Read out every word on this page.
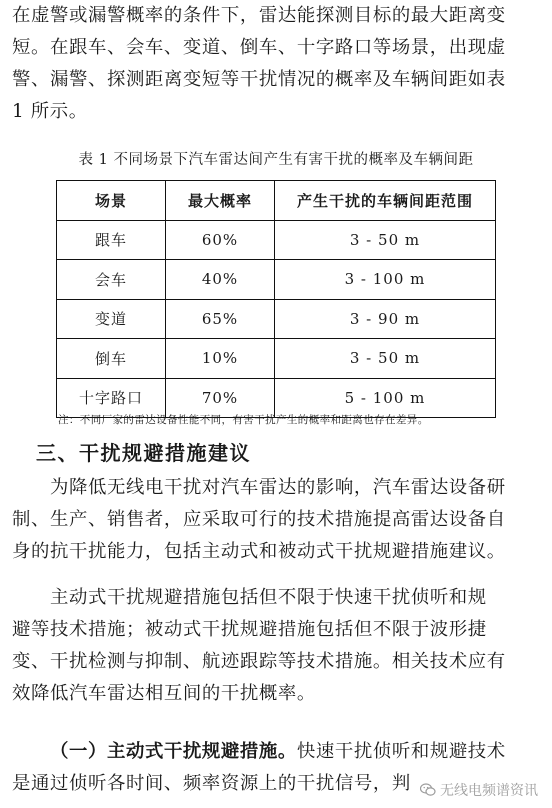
在虚警或漏警概率的条件下，雷达能探测目标的最大距离变
短。在跟车、会车、变道、倒车、十字路口等场景，出现虚
警、漏警、探测距离变短等干扰情况的概率及车辆间距如表
1 所示。

表 1 不同场景下汽车雷达间产生有害干扰的概率及车辆间距
场景	最大概率	产生干扰的车辆间距范围
跟车	60%	3 - 50 m
会车	40%	3 - 100 m
变道	65%	3 - 90 m
倒车	10%	3 - 50 m
十字路口	70%	5 - 100 m
注：不同厂家的雷达设备性能不同，有害干扰产生的概率和距离也存在差异。
三、干扰规避措施建议

为降低无线电干扰对汽车雷达的影响，汽车雷达设备研
制、生产、销售者，应采取可行的技术措施提高雷达设备自
身的抗干扰能力，包括主动式和被动式干扰规避措施建议。

主动式干扰规避措施包括但不限于快速干扰侦听和规
避等技术措施；被动式干扰规避措施包括但不限于波形捷
变、干扰检测与抑制、航迹跟踪等技术措施。相关技术应有
效降低汽车雷达相互间的干扰概率。

（一）主动式干扰规避措施。快速干扰侦听和规避技术
是通过侦听各时间、频率资源上的干扰信号，判	无线电频谱资讯
